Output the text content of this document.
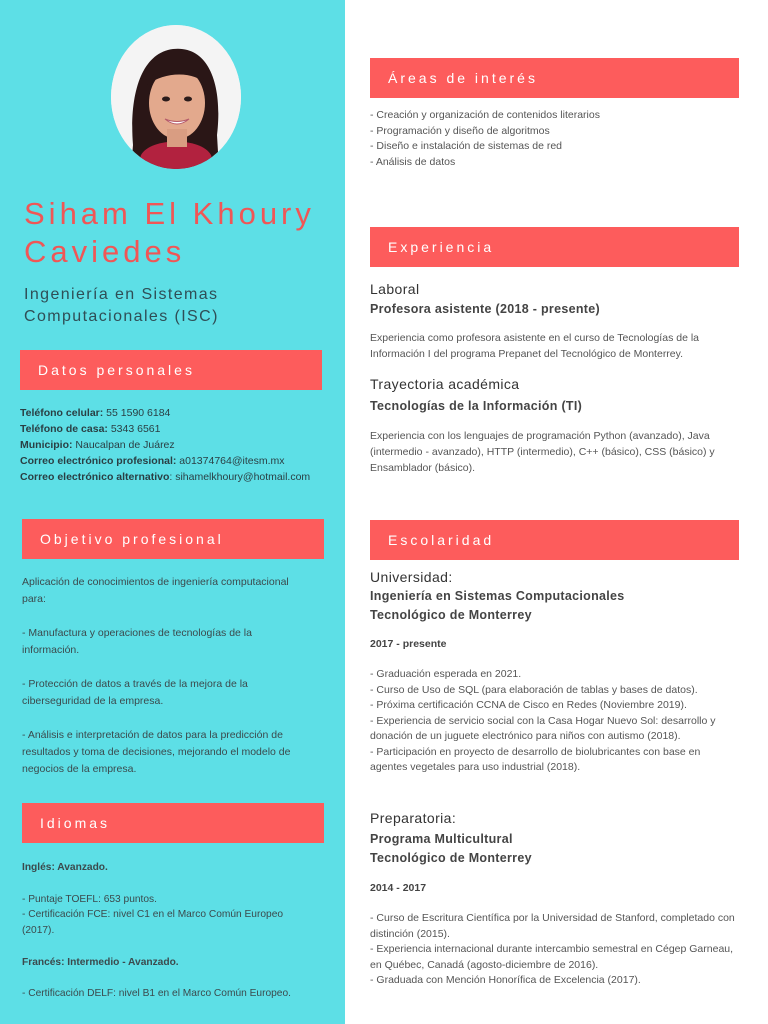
Siham El Khoury
Caviedes
Ingeniería en Sistemas
Computacionales (ISC)
Datos personales
Teléfono celular: 55 1590 6184
Teléfono de casa: 5343 6561
Municipio: Naucalpan de Juárez
Correo electrónico profesional: a01374764@itesm.mx
Correo electrónico alternativo: sihamelkhoury@hotmail.com
Objetivo profesional

Aplicación de conocimientos de ingeniería computacional

para:

- Manufactura y operaciones de tecnologías de la

información.

- Protección de datos a través de la mejora de la

ciberseguridad de la empresa.

- Análisis e interpretación de datos para la predicción de

resultados y toma de decisiones, mejorando el modelo de

negocios de la empresa.

Idiomas

Inglés: Avanzado.

- Puntaje TOEFL: 653 puntos.

- Certificación FCE: nivel C1 en el Marco Común Europeo

(2017).

Francés: Intermedio - Avanzado.

- Certificación DELF: nivel B1 en el Marco Común Europeo.

Áreas de interés

- Creación y organización de contenidos literarios

- Programación y diseño de algoritmos

- Diseño e instalación de sistemas de red

- Análisis de datos

Experiencia
Laboral
Profesora asistente (2018 - presente)

Experiencia como profesora asistente en el curso de Tecnologías de la

Información I del programa Prepanet del Tecnológico de Monterrey.

Trayectoria académica
Tecnologías de la Información (TI)

Experiencia con los lenguajes de programación Python (avanzado), Java

(intermedio - avanzado), HTTP (intermedio), C++ (básico), CSS (básico) y

Ensamblador (básico).

Escolaridad
Universidad:
Ingeniería en Sistemas Computacionales
Tecnológico de Monterrey
2017 - presente

- Graduación esperada en 2021.

- Curso de Uso de SQL (para elaboración de tablas y bases de datos).

- Próxima certificación CCNA de Cisco en Redes (Noviembre 2019).

- Experiencia de servicio social con la Casa Hogar Nuevo Sol: desarrollo y

donación de un juguete electrónico para niños con autismo (2018).

- Participación en proyecto de desarrollo de biolubricantes con base en

agentes vegetales para uso industrial (2018).

Preparatoria:
Programa Multicultural
Tecnológico de Monterrey
2014 - 2017

- Curso de Escritura Científica por la Universidad de Stanford, completado con

distinción (2015).

- Experiencia internacional durante intercambio semestral en Cégep Garneau,

en Québec, Canadá (agosto-diciembre de 2016).

- Graduada con Mención Honorífica de Excelencia (2017).
